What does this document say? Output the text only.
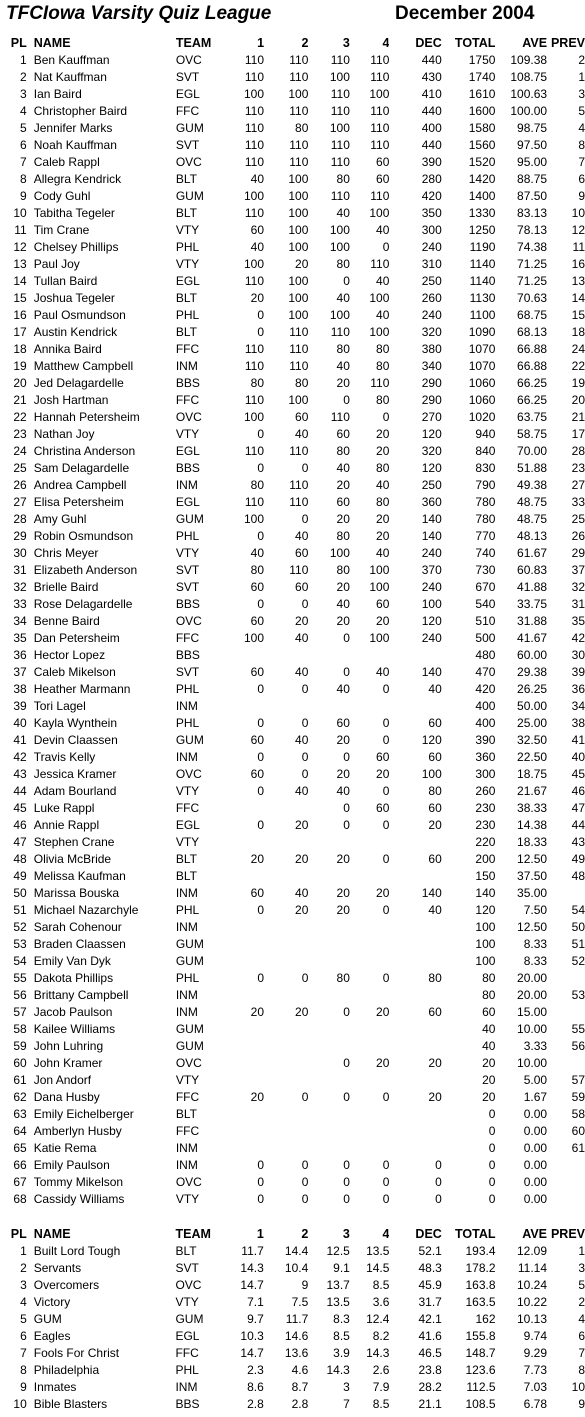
TFCIowa Varsity Quiz League	December 2004
PL	NAME	TEAM	1	2	3	4	DEC	TOTAL	AVE	PREV
1	Ben Kauffman	OVC	110	110	110	110	440	1750	109.38	2
2	Nat Kauffman	SVT	110	110	100	110	430	1740	108.75	1
3	Ian Baird	EGL	100	100	110	100	410	1610	100.63	3
4	Christopher Baird	FFC	110	110	110	110	440	1600	100.00	5
5	Jennifer Marks	GUM	110	80	100	110	400	1580	98.75	4
6	Noah Kauffman	SVT	110	110	110	110	440	1560	97.50	8
7	Caleb Rappl	OVC	110	110	110	60	390	1520	95.00	7
8	Allegra Kendrick	BLT	40	100	80	60	280	1420	88.75	6
9	Cody Guhl	GUM	100	100	110	110	420	1400	87.50	9
10	Tabitha Tegeler	BLT	110	100	40	100	350	1330	83.13	10
11	Tim Crane	VTY	60	100	100	40	300	1250	78.13	12
12	Chelsey Phillips	PHL	40	100	100	0	240	1190	74.38	11
13	Paul Joy	VTY	100	20	80	110	310	1140	71.25	16
14	Tullan Baird	EGL	110	100	0	40	250	1140	71.25	13
15	Joshua Tegeler	BLT	20	100	40	100	260	1130	70.63	14
16	Paul Osmundson	PHL	0	100	100	40	240	1100	68.75	15
17	Austin Kendrick	BLT	0	110	110	100	320	1090	68.13	18
18	Annika Baird	FFC	110	110	80	80	380	1070	66.88	24
19	Matthew Campbell	INM	110	110	40	80	340	1070	66.88	22
20	Jed Delagardelle	BBS	80	80	20	110	290	1060	66.25	19
21	Josh Hartman	FFC	110	100	0	80	290	1060	66.25	20
22	Hannah Petersheim	OVC	100	60	110	0	270	1020	63.75	21
23	Nathan Joy	VTY	0	40	60	20	120	940	58.75	17
24	Christina Anderson	EGL	110	110	80	20	320	840	70.00	28
25	Sam Delagardelle	BBS	0	0	40	80	120	830	51.88	23
26	Andrea Campbell	INM	80	110	20	40	250	790	49.38	27
27	Elisa Petersheim	EGL	110	110	60	80	360	780	48.75	33
28	Amy Guhl	GUM	100	0	20	20	140	780	48.75	25
29	Robin Osmundson	PHL	0	40	80	20	140	770	48.13	26
30	Chris Meyer	VTY	40	60	100	40	240	740	61.67	29
31	Elizabeth Anderson	SVT	80	110	80	100	370	730	60.83	37
32	Brielle Baird	SVT	60	60	20	100	240	670	41.88	32
33	Rose Delagardelle	BBS	0	0	40	60	100	540	33.75	31
34	Benne Baird	OVC	60	20	20	20	120	510	31.88	35
35	Dan Petersheim	FFC	100	40	0	100	240	500	41.67	42
36	Hector Lopez	BBS						480	60.00	30
37	Caleb Mikelson	SVT	60	40	0	40	140	470	29.38	39
38	Heather Marmann	PHL	0	0	40	0	40	420	26.25	36
39	Tori Lagel	INM						400	50.00	34
40	Kayla Wynthein	PHL	0	0	60	0	60	400	25.00	38
41	Devin Claassen	GUM	60	40	20	0	120	390	32.50	41
42	Travis Kelly	INM	0	0	0	60	60	360	22.50	40
43	Jessica Kramer	OVC	60	0	20	20	100	300	18.75	45
44	Adam Bourland	VTY	0	40	40	0	80	260	21.67	46
45	Luke Rappl	FFC			0	60	60	230	38.33	47
46	Annie Rappl	EGL	0	20	0	0	20	230	14.38	44
47	Stephen Crane	VTY						220	18.33	43
48	Olivia McBride	BLT	20	20	20	0	60	200	12.50	49
49	Melissa Kaufman	BLT						150	37.50	48
50	Marissa Bouska	INM	60	40	20	20	140	140	35.00	
51	Michael Nazarchyle	PHL	0	20	20	0	40	120	7.50	54
52	Sarah Cohenour	INM						100	12.50	50
53	Braden Claassen	GUM						100	8.33	51
54	Emily Van Dyk	GUM						100	8.33	52
55	Dakota Phillips	PHL	0	0	80	0	80	80	20.00	
56	Brittany Campbell	INM						80	20.00	53
57	Jacob Paulson	INM	20	20	0	20	60	60	15.00	
58	Kailee Williams	GUM						40	10.00	55
59	John Luhring	GUM						40	3.33	56
60	John Kramer	OVC			0	20	20	20	10.00	
61	Jon Andorf	VTY						20	5.00	57
62	Dana Husby	FFC	20	0	0	0	20	20	1.67	59
63	Emily Eichelberger	BLT						0	0.00	58
64	Amberlyn Husby	FFC						0	0.00	60
65	Katie Rema	INM						0	0.00	61
66	Emily Paulson	INM	0	0	0	0	0	0	0.00	
67	Tommy Mikelson	OVC	0	0	0	0	0	0	0.00	
68	Cassidy Williams	VTY	0	0	0	0	0	0	0.00	
PL	NAME	TEAM	1	2	3	4	DEC	TOTAL	AVE	PREV
1	Built Lord Tough	BLT	11.7	14.4	12.5	13.5	52.1	193.4	12.09	1
2	Servants	SVT	14.3	10.4	9.1	14.5	48.3	178.2	11.14	3
3	Overcomers	OVC	14.7	9	13.7	8.5	45.9	163.8	10.24	5
4	Victory	VTY	7.1	7.5	13.5	3.6	31.7	163.5	10.22	2
5	GUM	GUM	9.7	11.7	8.3	12.4	42.1	162	10.13	4
6	Eagles	EGL	10.3	14.6	8.5	8.2	41.6	155.8	9.74	6
7	Fools For Christ	FFC	14.7	13.6	3.9	14.3	46.5	148.7	9.29	7
8	Philadelphia	PHL	2.3	4.6	14.3	2.6	23.8	123.6	7.73	8
9	Inmates	INM	8.6	8.7	3	7.9	28.2	112.5	7.03	10
10	Bible Blasters	BBS	2.8	2.8	7	8.5	21.1	108.5	6.78	9
